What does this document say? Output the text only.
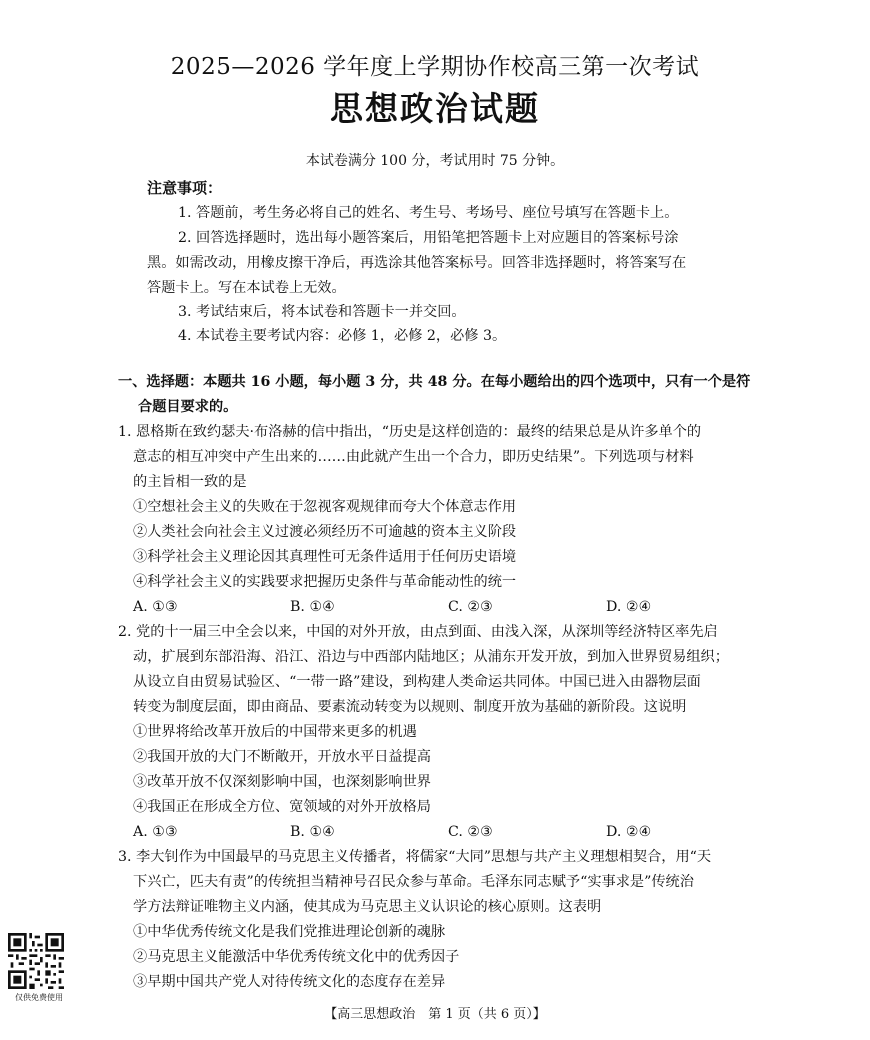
2025—2026 学年度上学期协作校高三第一次考试
思想政治试题
本试卷满分 100 分，考试用时 75 分钟。
注意事项：
1. 答题前，考生务必将自己的姓名、考生号、考场号、座位号填写在答题卡上。
2. 回答选择题时，选出每小题答案后，用铅笔把答题卡上对应题目的答案标号涂
黑。如需改动，用橡皮擦干净后，再选涂其他答案标号。回答非选择题时，将答案写在
答题卡上。写在本试卷上无效。
3. 考试结束后，将本试卷和答题卡一并交回。
4. 本试卷主要考试内容：必修 1，必修 2，必修 3。
一、选择题：本题共 16 小题，每小题 3 分，共 48 分。在每小题给出的四个选项中，只有一个是符
合题目要求的。
1. 恩格斯在致约瑟夫·布洛赫的信中指出，“历史是这样创造的：最终的结果总是从许多单个的
意志的相互冲突中产生出来的……由此就产生出一个合力，即历史结果”。下列选项与材料
的主旨相一致的是
①空想社会主义的失败在于忽视客观规律而夸大个体意志作用
②人类社会向社会主义过渡必须经历不可逾越的资本主义阶段
③科学社会主义理论因其真理性可无条件适用于任何历史语境
④科学社会主义的实践要求把握历史条件与革命能动性的统一
A. ①③	B. ①④	C. ②③	D. ②④
2. 党的十一届三中全会以来，中国的对外开放，由点到面、由浅入深，从深圳等经济特区率先启
动，扩展到东部沿海、沿江、沿边与中西部内陆地区；从浦东开发开放，到加入世界贸易组织；
从设立自由贸易试验区、“一带一路”建设，到构建人类命运共同体。中国已进入由器物层面
转变为制度层面，即由商品、要素流动转变为以规则、制度开放为基础的新阶段。这说明
①世界将给改革开放后的中国带来更多的机遇
②我国开放的大门不断敞开，开放水平日益提高
③改革开放不仅深刻影响中国，也深刻影响世界
④我国正在形成全方位、宽领域的对外开放格局
A. ①③	B. ①④	C. ②③	D. ②④
3. 李大钊作为中国最早的马克思主义传播者，将儒家“大同”思想与共产主义理想相契合，用“天
下兴亡，匹夫有责”的传统担当精神号召民众参与革命。毛泽东同志赋予“实事求是”传统治
学方法辩证唯物主义内涵，使其成为马克思主义认识论的核心原则。这表明
①中华优秀传统文化是我们党推进理论创新的魂脉
②马克思主义能激活中华优秀传统文化中的优秀因子
③早期中国共产党人对待传统文化的态度存在差异
仅供免费使用
【高三思想政治　第 1 页（共 6 页）】
